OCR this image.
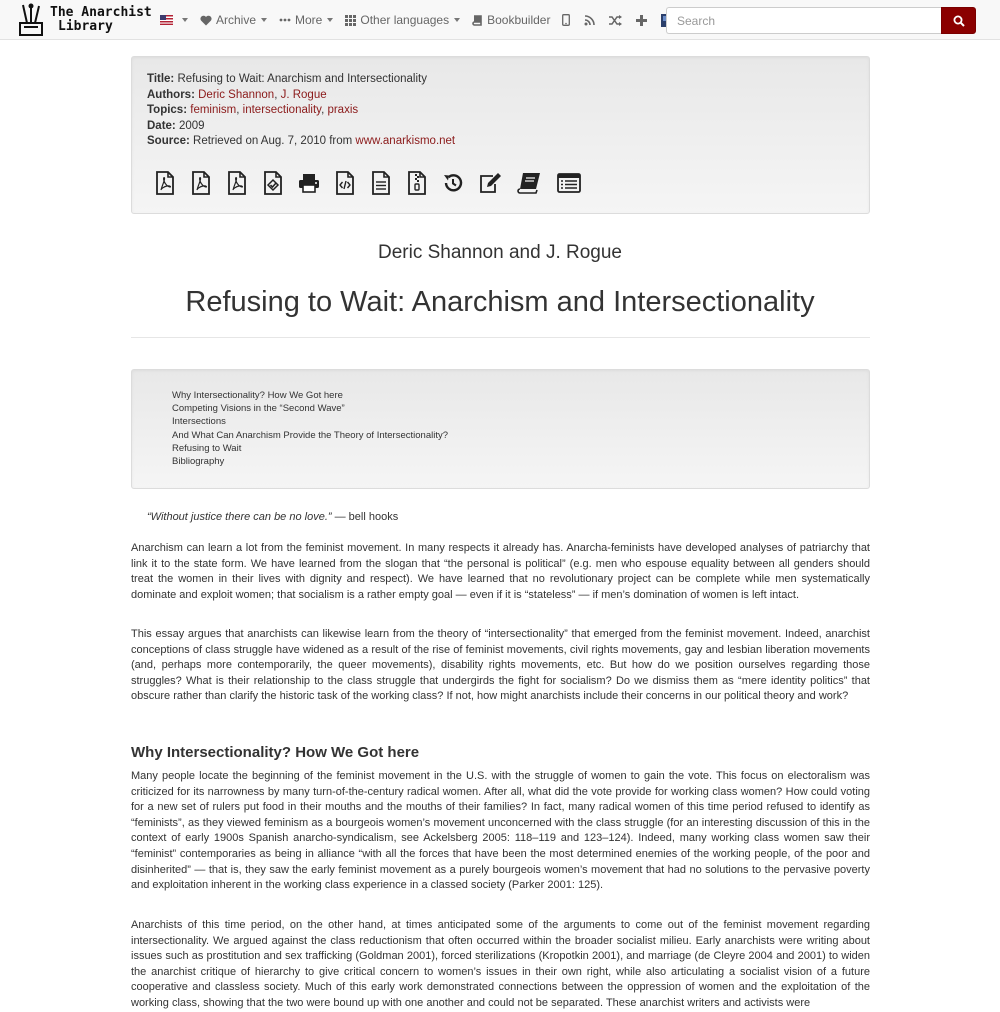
The Anarchist
Library	Archive	More	Other languages	Bookbuilder
Search
Title: Refusing to Wait: Anarchism and Intersectionality
Authors: Deric Shannon, J. Rogue
Topics: feminism, intersectionality, praxis
Date: 2009
Source: Retrieved on Aug. 7, 2010 from www.anarkismo.net
Deric Shannon and J. Rogue
Refusing to Wait: Anarchism and Intersectionality
Why Intersectionality? How We Got here
Competing Visions in the “Second Wave”
Intersections
And What Can Anarchism Provide the Theory of Intersectionality?
Refusing to Wait
Bibliography
“Without justice there can be no love.” — bell hooks

Anarchism can learn a lot from the feminist movement. In many respects it already has. Anarcha-feminists have developed analyses of patriarchy that link it to the state form. We have learned from the slogan that “the personal is political” (e.g. men who espouse equality between all genders should treat the women in their lives with dignity and respect). We have learned that no revolutionary project can be complete while men systematically dominate and exploit women; that socialism is a rather empty goal — even if it is “stateless” — if men’s domination of women is left intact.

This essay argues that anarchists can likewise learn from the theory of “intersectionality” that emerged from the feminist movement. Indeed, anarchist conceptions of class struggle have widened as a result of the rise of feminist movements, civil rights movements, gay and lesbian liberation movements (and, perhaps more contemporarily, the queer movements), disability rights movements, etc. But how do we position ourselves regarding those struggles? What is their relationship to the class struggle that undergirds the fight for socialism? Do we dismiss them as “mere identity politics” that obscure rather than clarify the historic task of the working class? If not, how might anarchists include their concerns in our political theory and work?

Why Intersectionality? How We Got here

Many people locate the beginning of the feminist movement in the U.S. with the struggle of women to gain the vote. This focus on electoralism was criticized for its narrowness by many turn-of-the-century radical women. After all, what did the vote provide for working class women? How could voting for a new set of rulers put food in their mouths and the mouths of their families? In fact, many radical women of this time period refused to identify as “feminists”, as they viewed feminism as a bourgeois women’s movement unconcerned with the class struggle (for an interesting discussion of this in the context of early 1900s Spanish anarcho-syndicalism, see Ackelsberg 2005: 118–119 and 123–124). Indeed, many working class women saw their “feminist” contemporaries as being in alliance “with all the forces that have been the most determined enemies of the working people, of the poor and disinherited” — that is, they saw the early feminist movement as a purely bourgeois women’s movement that had no solutions to the pervasive poverty and exploitation inherent in the working class experience in a classed society (Parker 2001: 125).

Anarchists of this time period, on the other hand, at times anticipated some of the arguments to come out of the feminist movement regarding intersectionality. We argued against the class reductionism that often occurred within the broader socialist milieu. Early anarchists were writing about issues such as prostitution and sex trafficking (Goldman 2001), forced sterilizations (Kropotkin 2001), and marriage (de Cleyre 2004 and 2001) to widen the anarchist critique of hierarchy to give critical concern to women’s issues in their own right, while also articulating a socialist vision of a future cooperative and classless society. Much of this early work demonstrated connections between the oppression of women and the exploitation of the working class, showing that the two were bound up with one another and could not be separated. These anarchist writers and activists were
